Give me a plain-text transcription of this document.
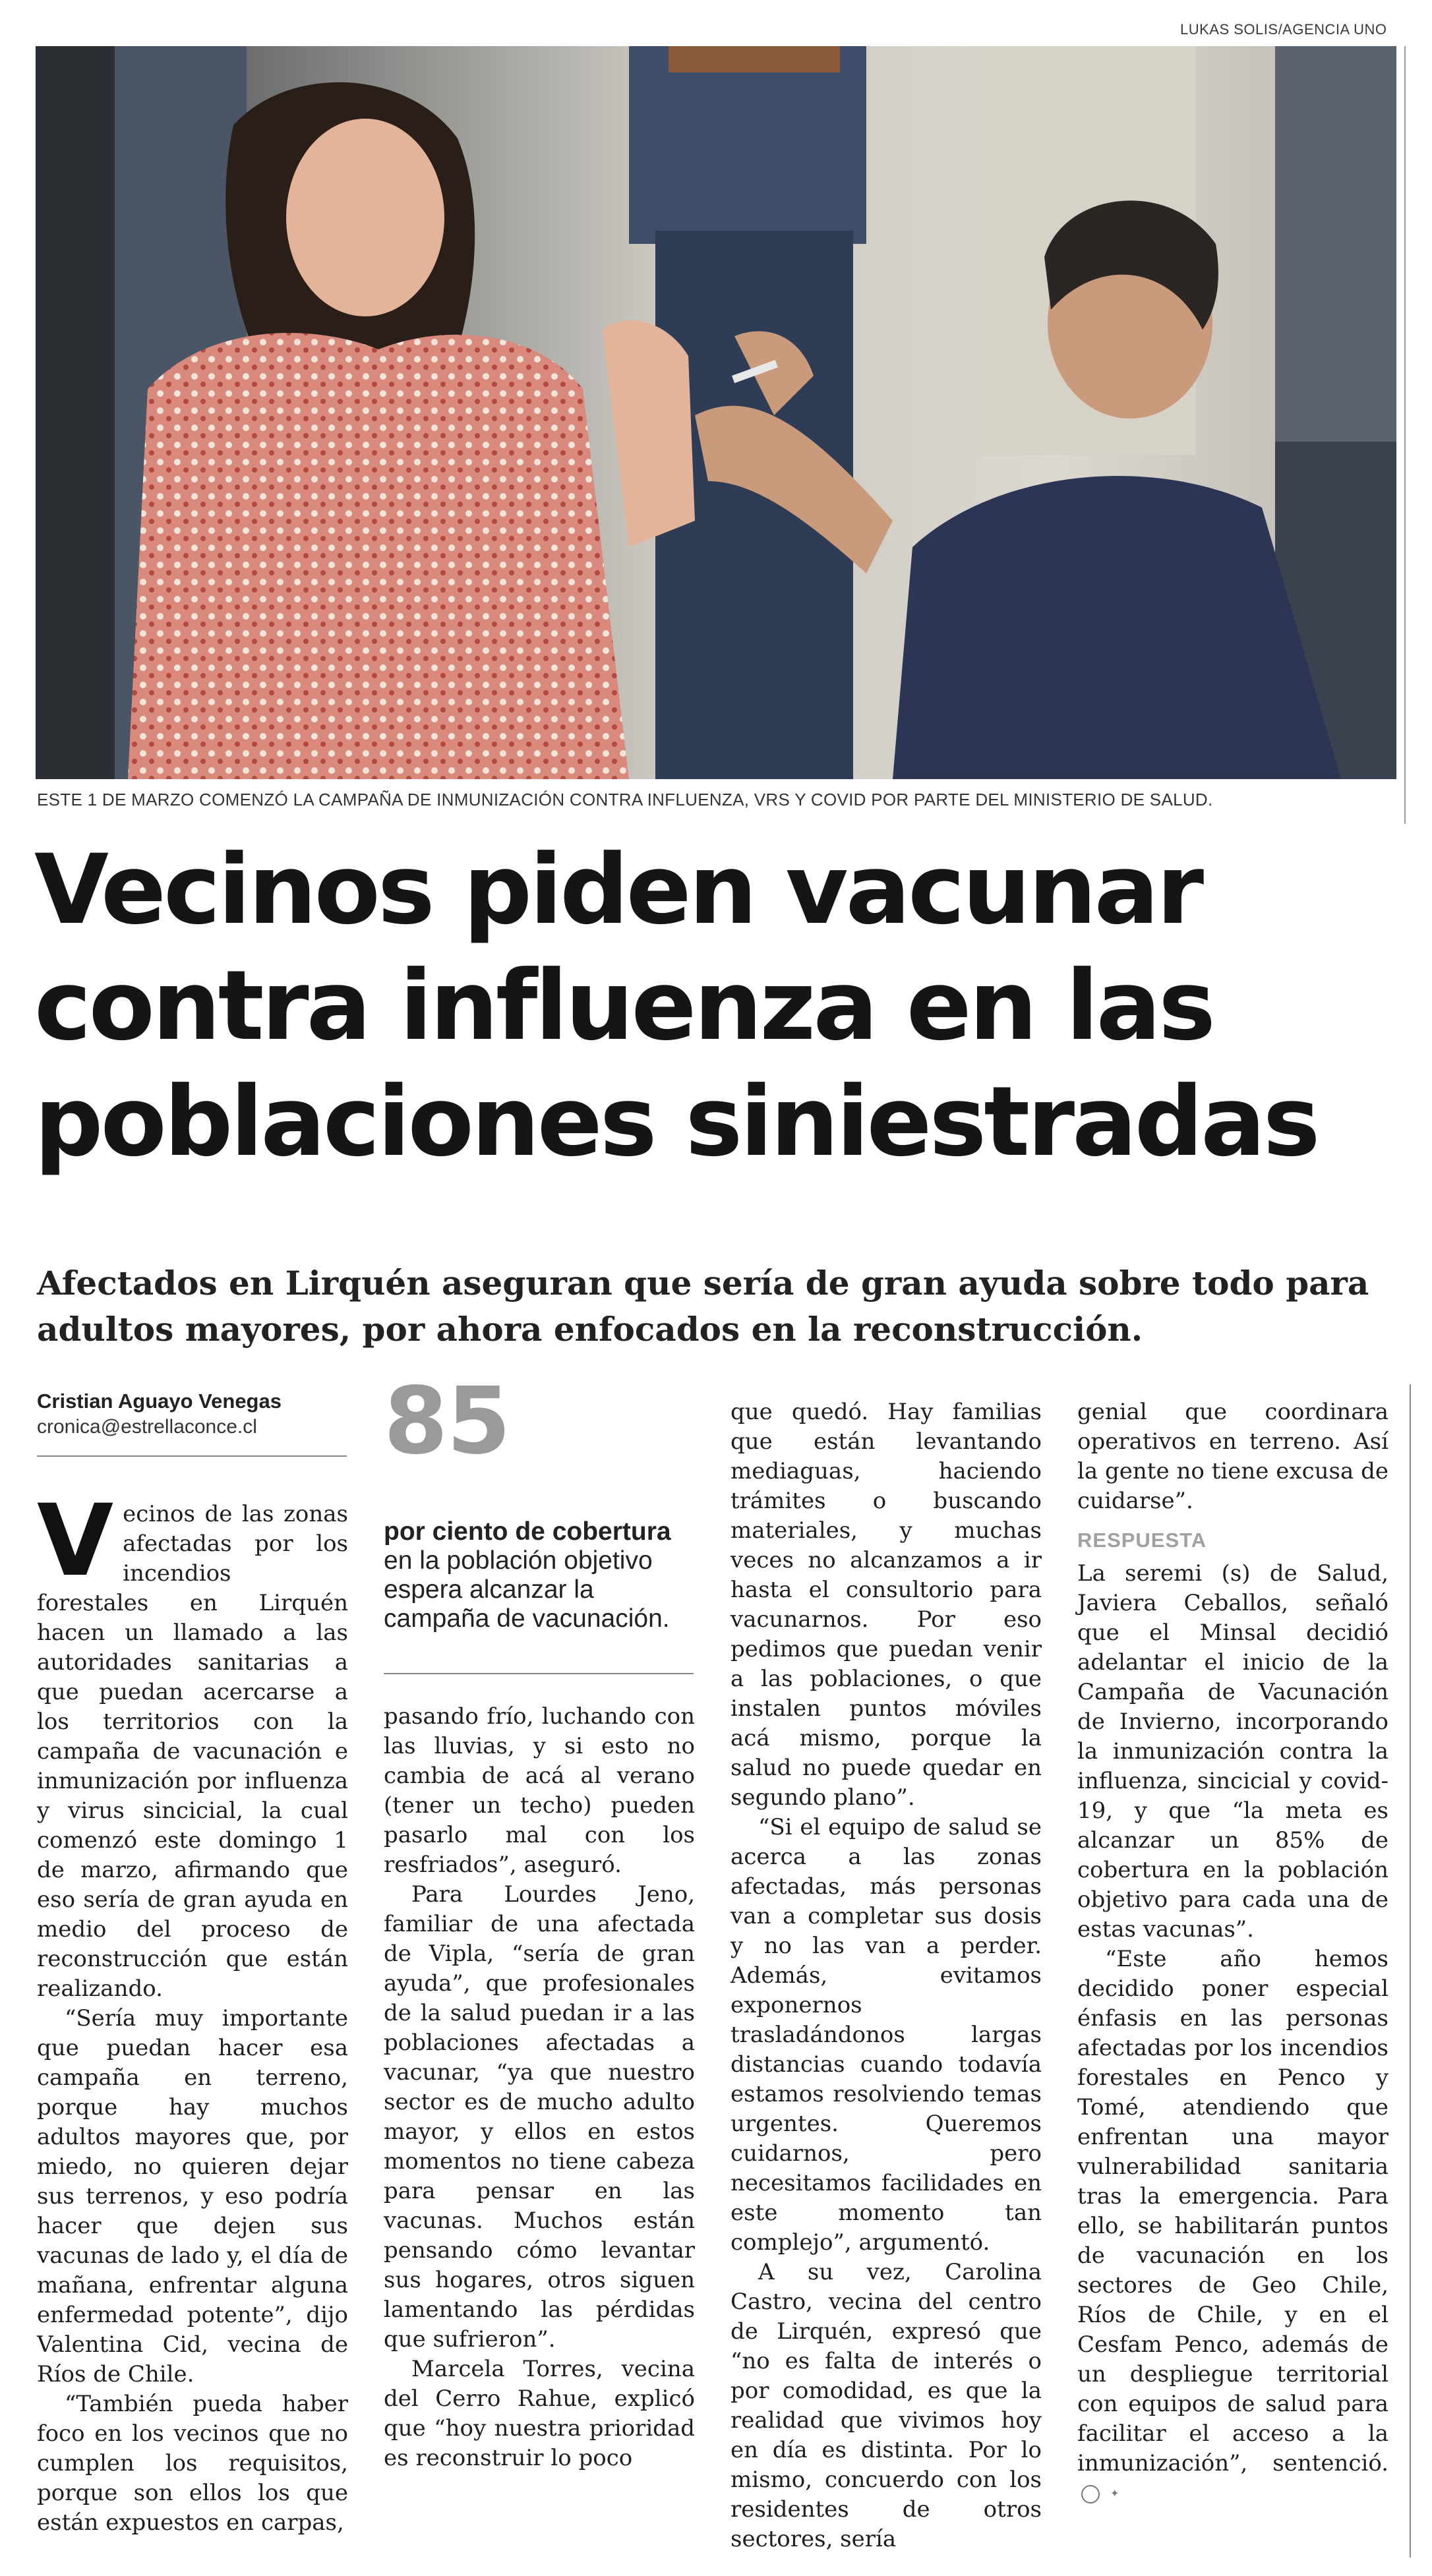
LUKAS SOLIS/AGENCIA UNO
ESTE 1 DE MARZO COMENZÓ LA CAMPAÑA DE INMUNIZACIÓN CONTRA INFLUENZA, VRS Y COVID POR PARTE DEL MINISTERIO DE SALUD.
Vecinos piden vacunar
contra influenza en las
poblaciones siniestradas

Afectados en Lirquén aseguran que sería de gran ayuda sobre todo para adultos mayores, por ahora enfocados en la reconstrucción.

Cristian Aguayo Venegas
cronica@estrellaconce.cl

Vecinos de las zonas afectadas por los incendios forestales en Lirquén hacen un llamado a las autoridades sanitarias a que puedan acercarse a los territorios con la campaña de vacunación e inmunización por influenza y virus sincicial, la cual comenzó este domingo 1 de marzo, afirmando que eso sería de gran ayuda en medio del proceso de reconstrucción que están realizando.

“Sería muy importante que puedan hacer esa campaña en terreno, porque hay muchos adultos mayores que, por miedo, no quieren dejar sus terrenos, y eso podría hacer que dejen sus vacunas de lado y, el día de mañana, enfrentar alguna enfermedad potente”, dijo Valentina Cid, vecina de Ríos de Chile.

“También pueda haber foco en los vecinos que no cumplen los requisitos, porque son ellos los que están expuestos en carpas,

85
por ciento de cobertura en la población objetivo espera alcanzar la campaña de vacunación.

pasando frío, luchando con las lluvias, y si esto no cambia de acá al verano (tener un techo) pueden pasarlo mal con los resfriados”, aseguró.

Para Lourdes Jeno, familiar de una afectada de Vipla, “sería de gran ayuda”, que profesionales de la salud puedan ir a las poblaciones afectadas a vacunar, “ya que nuestro sector es de mucho adulto mayor, y ellos en estos momentos no tiene cabeza para pensar en las vacunas. Muchos están pensando cómo levantar sus hogares, otros siguen lamentando las pérdidas que sufrieron”.

Marcela Torres, vecina del Cerro Rahue, explicó que “hoy nuestra prioridad es reconstruir lo poco

que quedó. Hay familias que están levantando mediaguas, haciendo trámites o buscando materiales, y muchas veces no alcanzamos a ir hasta el consultorio para vacunarnos. Por eso pedimos que puedan venir a las poblaciones, o que instalen puntos móviles acá mismo, porque la salud no puede quedar en segundo plano”.

“Si el equipo de salud se acerca a las zonas afectadas, más personas van a completar sus dosis y no las van a perder. Además, evitamos exponernos trasladándonos largas distancias cuando todavía estamos resolviendo temas urgentes. Queremos cuidarnos, pero necesitamos facilidades en este momento tan complejo”, argumentó.

A su vez, Carolina Castro, vecina del centro de Lirquén, expresó que “no es falta de interés o por comodidad, es que la realidad que vivimos hoy en día es distinta. Por lo mismo, concuerdo con los residentes de otros sectores, sería

genial que coordinara operativos en terreno. Así la gente no tiene excusa de cuidarse”.

RESPUESTA

La seremi (s) de Salud, Javiera Ceballos, señaló que el Minsal decidió adelantar el inicio de la Campaña de Vacunación de Invierno, incorporando la inmunización contra la influenza, sincicial y covid-19, y que “la meta es alcanzar un 85% de cobertura en la población objetivo para cada una de estas vacunas”.

“Este año hemos decidido poner especial énfasis en las personas afectadas por los incendios forestales en Penco y Tomé, atendiendo que enfrentan una mayor vulnerabilidad sanitaria tras la emergencia. Para ello, se habilitarán puntos de vacunación en los sectores de Geo Chile, Ríos de Chile, y en el Cesfam Penco, además de un despliegue territorial con equipos de salud para facilitar el acceso a la inmunización”, sentenció.✦
